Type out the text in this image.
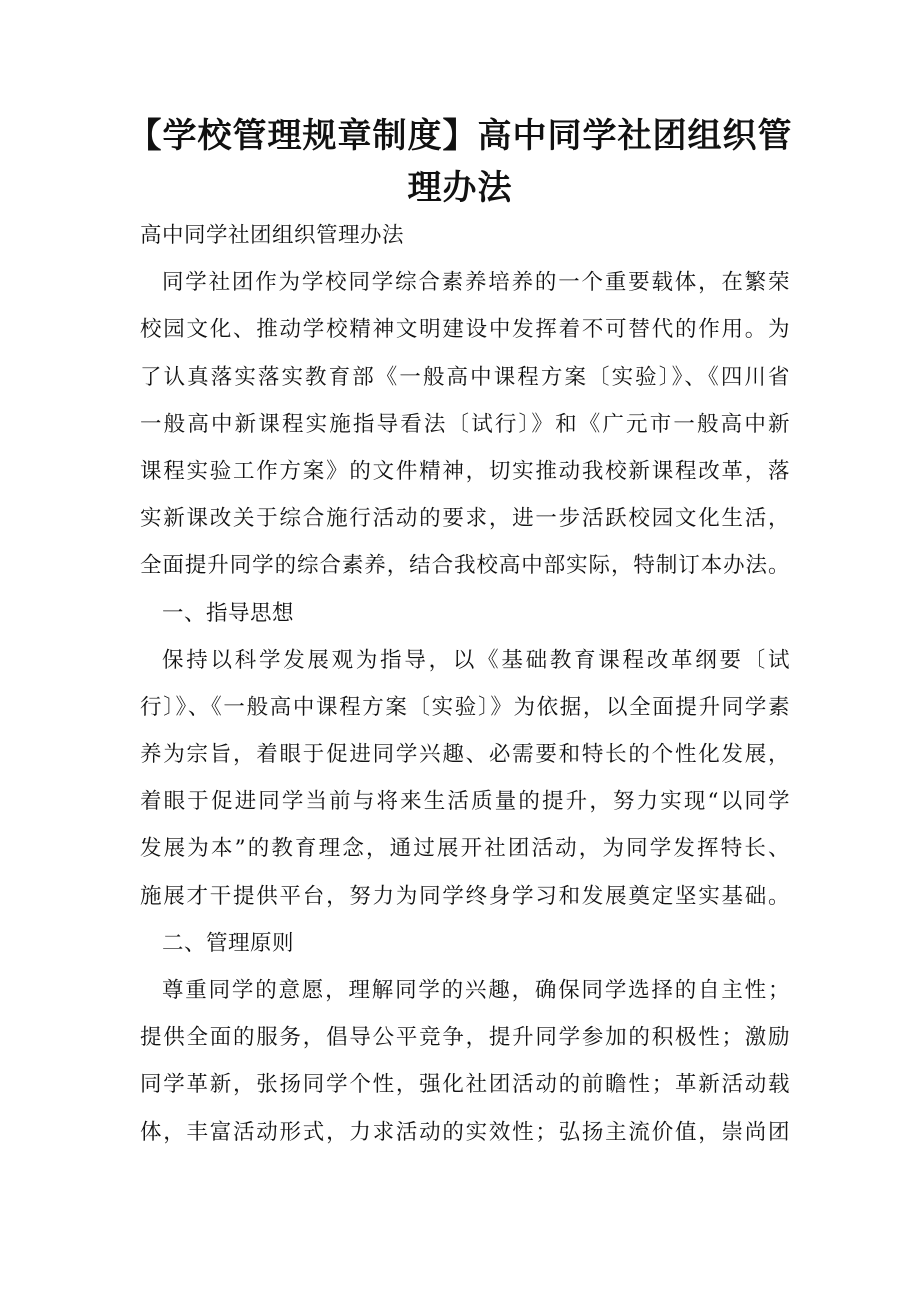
【学校管理规章制度】高中同学社团组织管
理办法
高中同学社团组织管理办法
同学社团作为学校同学综合素养培养的一个重要载体，在繁荣
校园文化、推动学校精神文明建设中发挥着不可替代的作用。为
了认真落实落实教育部《一般高中课程方案〔实验〕》、《四川省
一般高中新课程实施指导看法〔试行〕》和《广元市一般高中新
课程实验工作方案》的文件精神，切实推动我校新课程改革，落
实新课改关于综合施行活动的要求，进一步活跃校园文化生活，
全面提升同学的综合素养，结合我校高中部实际，特制订本办法。
一、指导思想
保持以科学发展观为指导，以《基础教育课程改革纲要〔试
行〕》、《一般高中课程方案〔实验〕》为依据，以全面提升同学素
养为宗旨，着眼于促进同学兴趣、必需要和特长的个性化发展，
着眼于促进同学当前与将来生活质量的提升，努力实现“以同学
发展为本”的教育理念，通过展开社团活动，为同学发挥特长、
施展才干提供平台，努力为同学终身学习和发展奠定坚实基础。
二、管理原则
尊重同学的意愿，理解同学的兴趣，确保同学选择的自主性；
提供全面的服务，倡导公平竞争，提升同学参加的积极性；激励
同学革新，张扬同学个性，强化社团活动的前瞻性；革新活动载
体，丰富活动形式，力求活动的实效性；弘扬主流价值，崇尚团
